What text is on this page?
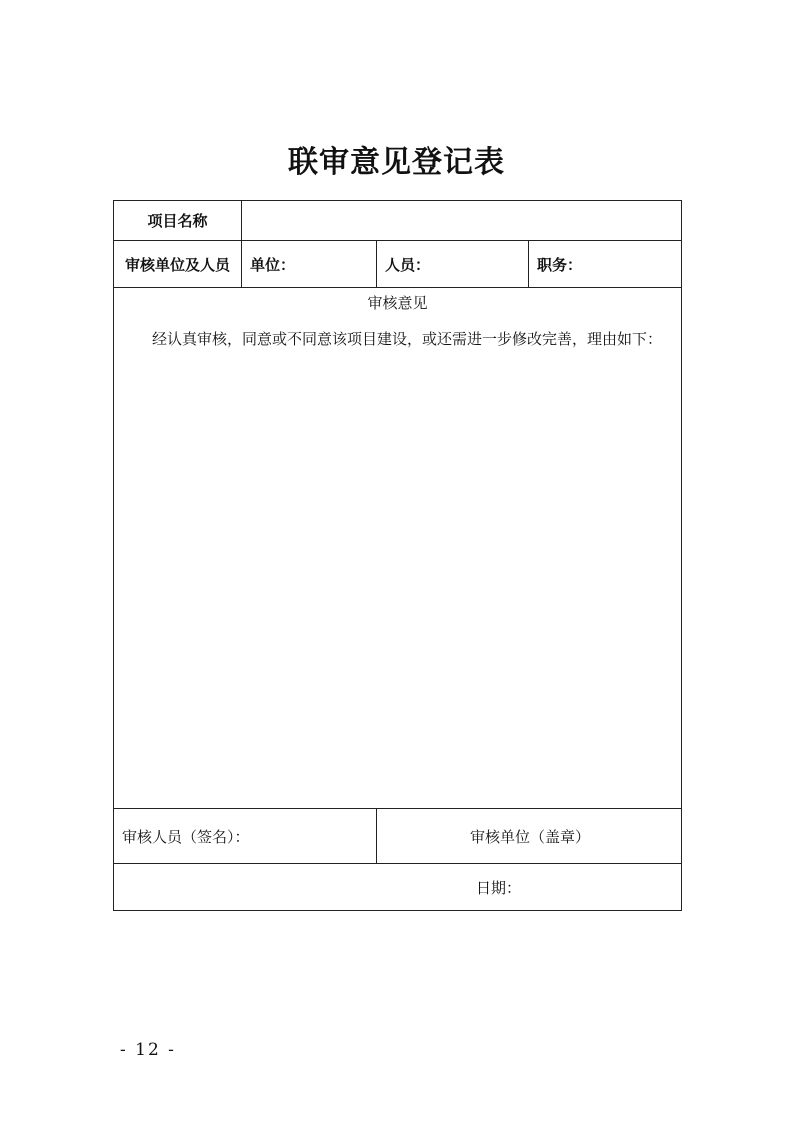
联审意见登记表
项目名称
审核单位及人员	单位：	人员：	职务：
审核意见
经认真审核，同意或不同意该项目建设，或还需进一步修改完善，理由如下：
审核人员（签名）：	审核单位（盖章）
日期：
- 12 -
